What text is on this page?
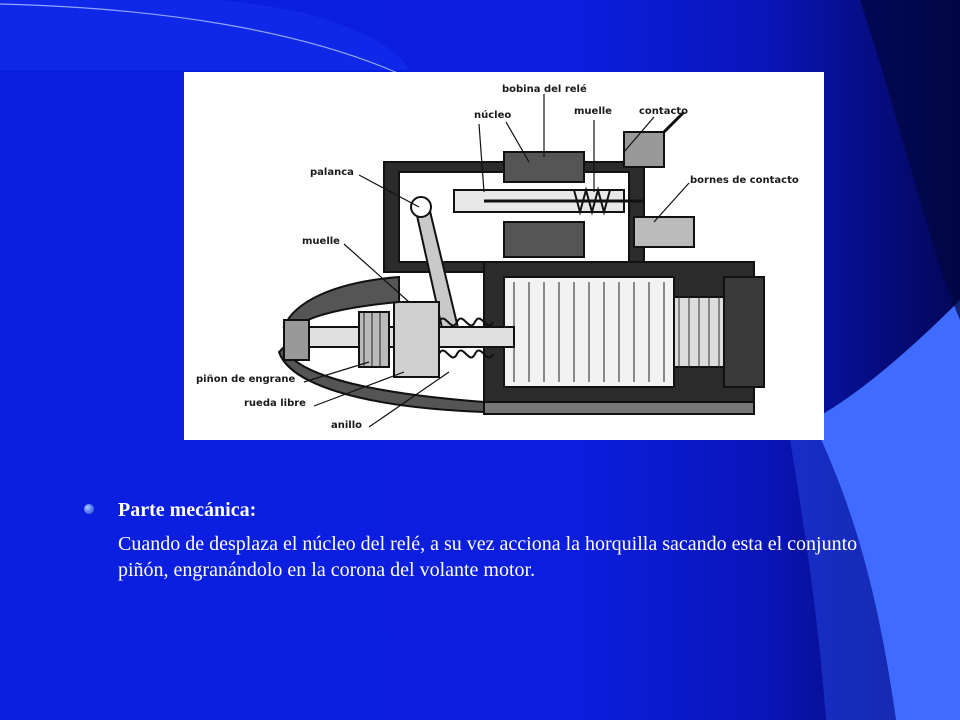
bobina del relé
núcleo	muelle	contacto
bornes de contacto
palanca
muelle
piñon de engrane
rueda libre
anillo
Parte mecánica:
Cuando de desplaza el núcleo del relé, a su vez acciona la horquilla sacando esta el conjunto piñón, engranándolo en la corona del volante motor.
